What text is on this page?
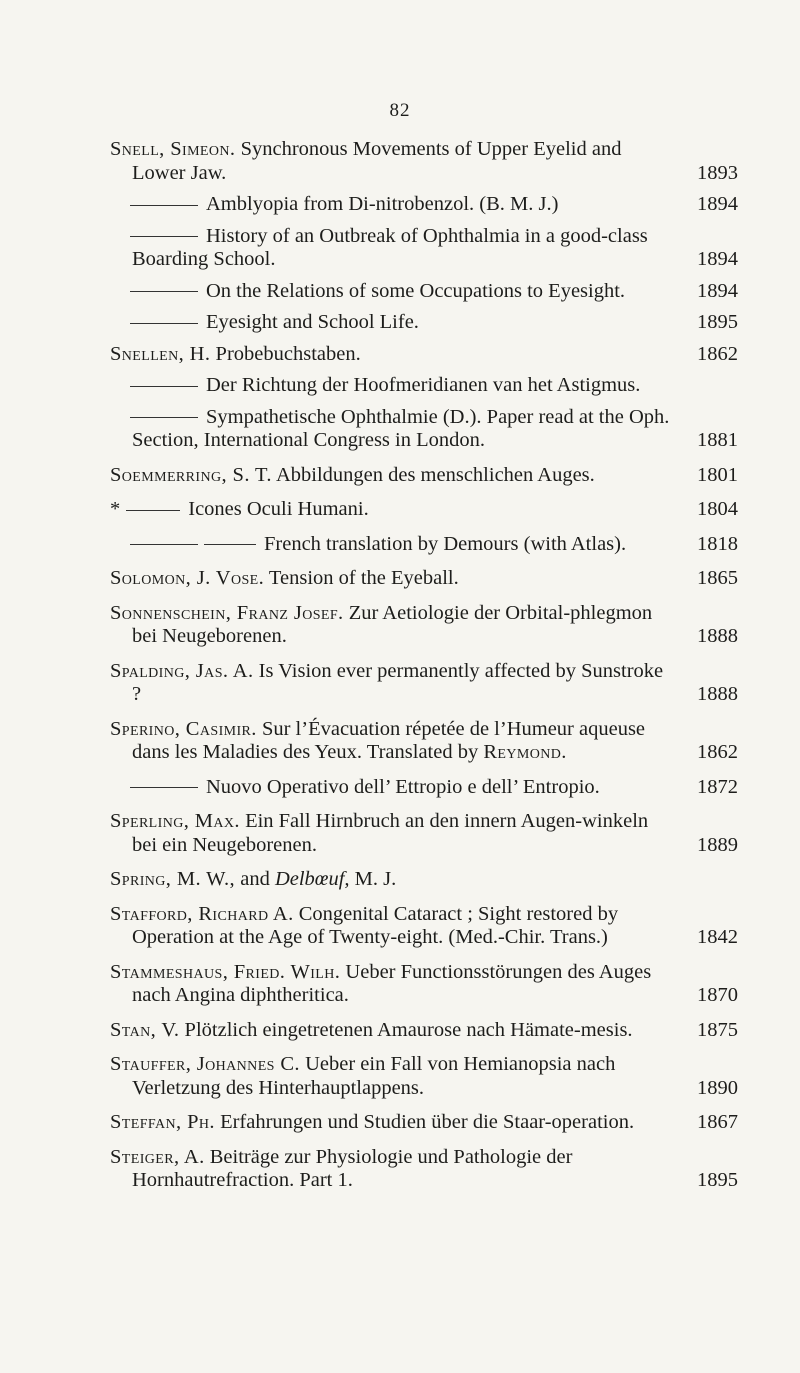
82
Snell, Simeon. Synchronous Movements of Upper Eyelid and Lower Jaw.	1893
Amblyopia from Di-nitrobenzol. (B. M. J.)	1894
History of an Outbreak of Ophthalmia in a good-class Boarding School.	1894
On the Relations of some Occupations to Eyesight.	1894
Eyesight and School Life.	1895
Snellen, H. Probebuchstaben.	1862
Der Richtung der Hoofmeridianen van het Astigmus.
Sympathetische Ophthalmie (D.). Paper read at the Oph. Section, International Congress in London.	1881
Soemmerring, S. T. Abbildungen des menschlichen Auges.	1801
*	Icones Oculi Humani.	1804
French translation by Demours (with Atlas).	1818
Solomon, J. Vose. Tension of the Eyeball.	1865
Sonnenschein, Franz Josef. Zur Aetiologie der Orbital-phlegmon bei Neugeborenen.	1888
Spalding, Jas. A. Is Vision ever permanently affected by Sunstroke ?	1888
Sperino, Casimir. Sur l’Évacuation répetée de l’Humeur aqueuse dans les Maladies des Yeux. Translated by Reymond.	1862
Nuovo Operativo dell’ Ettropio e dell’ Entropio.	1872
Sperling, Max. Ein Fall Hirnbruch an den innern Augen-winkeln bei ein Neugeborenen.	1889
Spring, M. W., and Delbœuf, M. J.
Stafford, Richard A. Congenital Cataract ; Sight restored by Operation at the Age of Twenty-eight. (Med.-Chir. Trans.)	1842
Stammeshaus, Fried. Wilh. Ueber Functionsstörungen des Auges nach Angina diphtheritica.	1870
Stan, V. Plötzlich eingetretenen Amaurose nach Hämate-mesis.	1875
Stauffer, Johannes C. Ueber ein Fall von Hemianopsia nach Verletzung des Hinterhauptlappens.	1890
Steffan, Ph. Erfahrungen und Studien über die Staar-operation.	1867
Steiger, A. Beiträge zur Physiologie und Pathologie der Hornhautrefraction. Part 1.	1895
